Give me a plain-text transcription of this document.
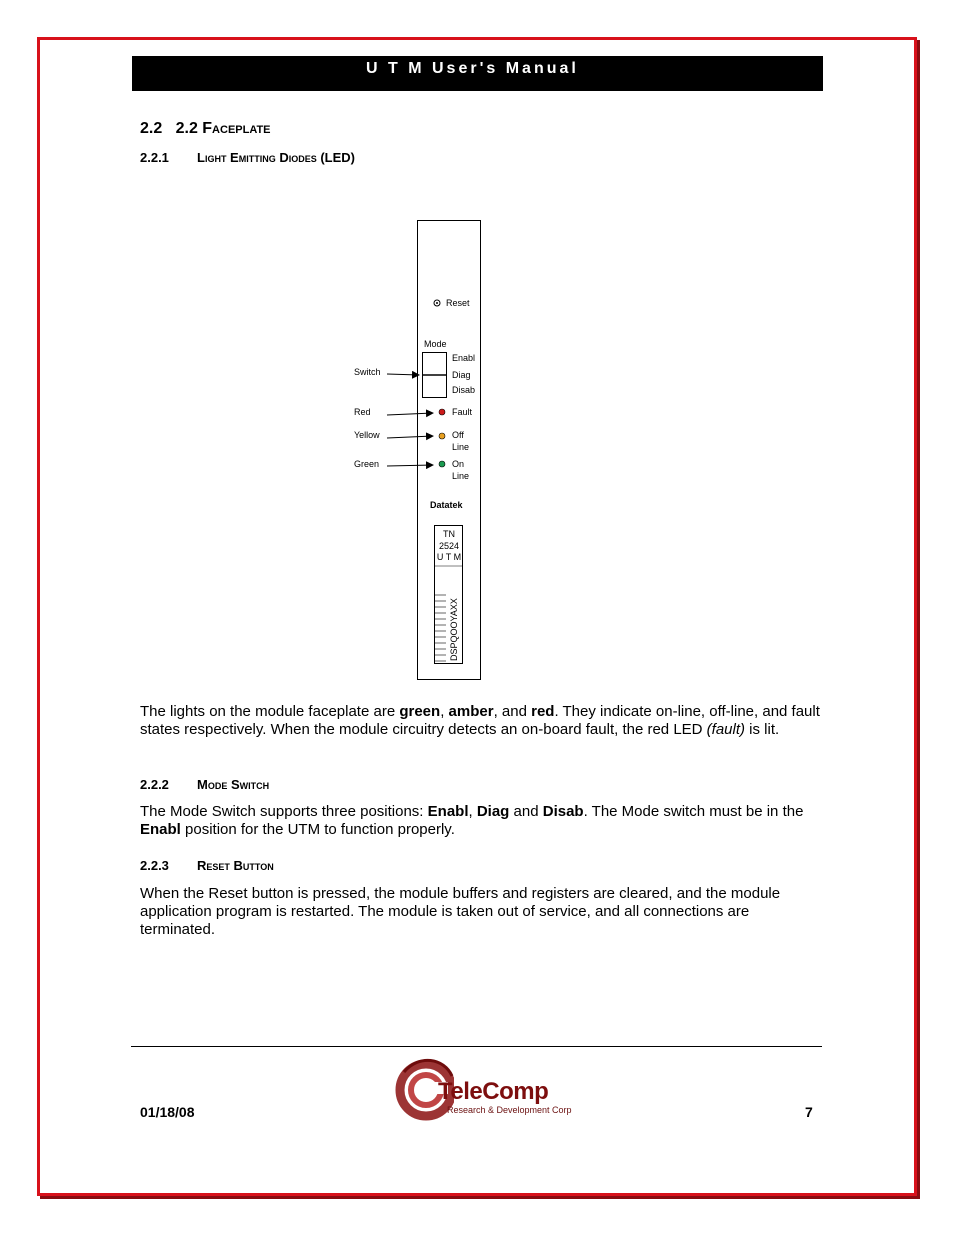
U T M User's Manual
2.2 2.2 Faceplate
2.2.1 Light Emitting Diodes (LED)
Reset
Mode
Enabl
Diag
Disab
Switch
Red	Fault
Yellow	Off
Line
Green	On
Line
Datatek
TN
2524
U T M
DSPQOOYAXX
The lights on the module faceplate are green, amber, and red. They indicate on-line, off-line, and fault states respectively. When the module circuitry detects an on-board fault, the red LED (fault) is lit.
2.2.2 Mode Switch
The Mode Switch supports three positions: Enabl, Diag and Disab. The Mode switch must be in the Enabl position for the UTM to function properly.
2.2.3 Reset Button
When the Reset button is pressed, the module buffers and registers are cleared, and the module application program is restarted. The module is taken out of service, and all connections are terminated.
01/18/08
TeleComp
Research & Development Corp	7
